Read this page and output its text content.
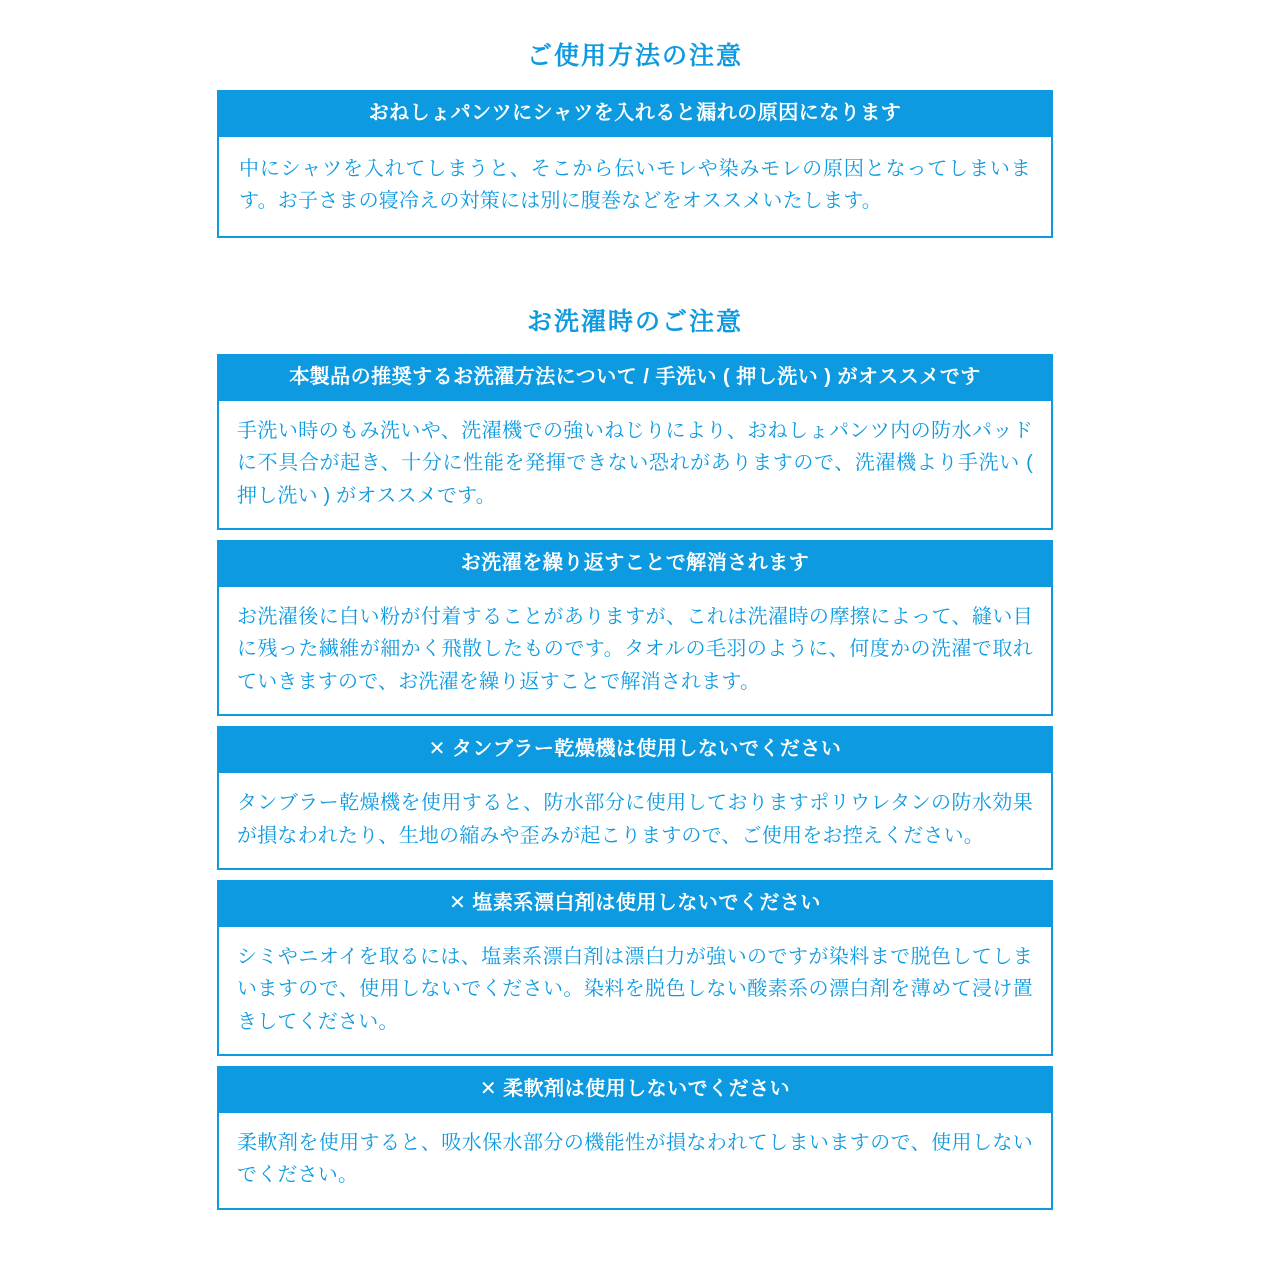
ご使用方法の注意
おねしょパンツにシャツを入れると漏れの原因になります
中にシャツを入れてしまうと、そこから伝いモレや染みモレの原因となってしまいます。お子さまの寝冷えの対策には別に腹巻などをオススメいたします。
お洗濯時のご注意
本製品の推奨するお洗濯方法について / 手洗い ( 押し洗い ) がオススメです
手洗い時のもみ洗いや、洗濯機での強いねじりにより、おねしょパンツ内の防水パッドに不具合が起き、十分に性能を発揮できない恐れがありますので、洗濯機より手洗い ( 押し洗い ) がオススメです。
お洗濯を繰り返すことで解消されます
お洗濯後に白い粉が付着することがありますが、これは洗濯時の摩擦によって、縫い目に残った繊維が細かく飛散したものです。タオルの毛羽のように、何度かの洗濯で取れていきますので、お洗濯を繰り返すことで解消されます。
✕ タンブラー乾燥機は使用しないでください
タンブラー乾燥機を使用すると、防水部分に使用しておりますポリウレタンの防水効果が損なわれたり、生地の縮みや歪みが起こりますので、ご使用をお控えください。
✕ 塩素系漂白剤は使用しないでください
シミやニオイを取るには、塩素系漂白剤は漂白力が強いのですが染料まで脱色してしまいますので、使用しないでください。染料を脱色しない酸素系の漂白剤を薄めて浸け置きしてください。
✕ 柔軟剤は使用しないでください
柔軟剤を使用すると、吸水保水部分の機能性が損なわれてしまいますので、使用しないでください。
